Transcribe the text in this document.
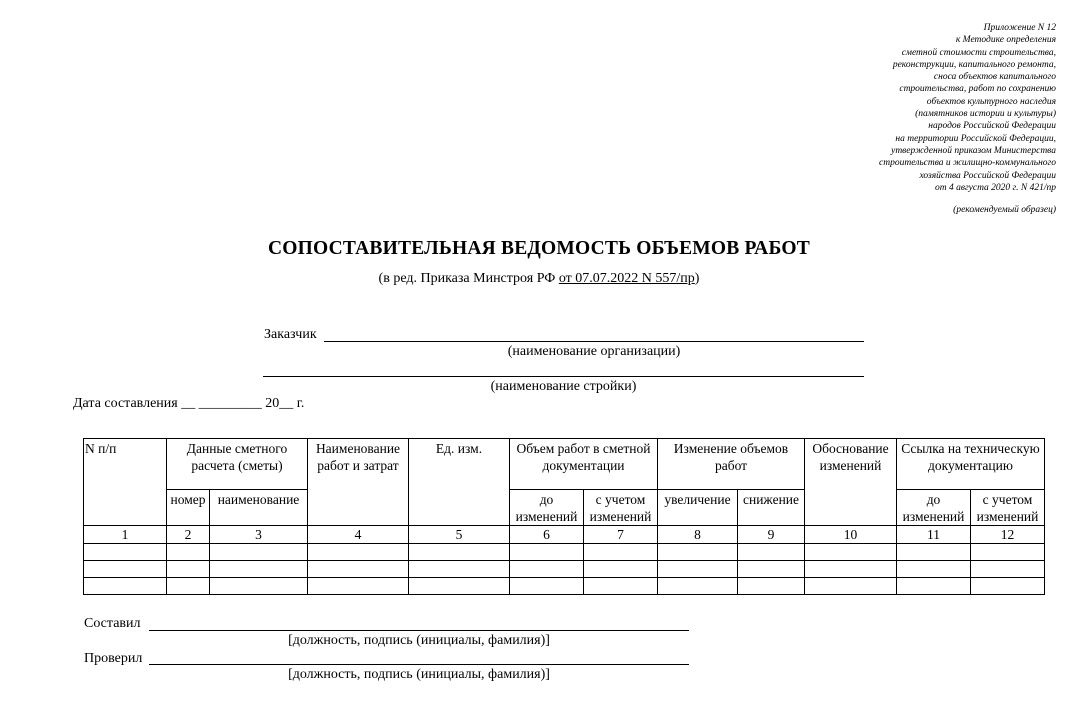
Приложение N 12
к Методике определения
сметной стоимости строительства,
реконструкции, капитального ремонта,
сноса объектов капитального
строительства, работ по сохранению
объектов культурного наследия
(памятников истории и культуры)
народов Российской Федерации
на территории Российской Федерации,
утвержденной приказом Министерства
строительства и жилищно-коммунального
хозяйства Российской Федерации
от 4 августа 2020 г. N 421/пр
(рекомендуемый образец)
СОПОСТАВИТЕЛЬНАЯ ВЕДОМОСТЬ ОБЪЕМОВ РАБОТ
(в ред. Приказа Минстроя РФ от 07.07.2022 N 557/пр)
Заказчик
(наименование организации)
(наименование стройки)
Дата составления __ _________ 20__ г.
N п/п	Данные сметного расчета (сметы)		Наименование работ и затрат	Ед. изм.	Объем работ в сметной документации		Изменение объемов работ		Обоснование изменений	Ссылка на техническую документацию	
	номер	наименование			до изменений	с учетом изменений	увеличение	снижение		до изменений	с учетом изменений
1	2	3	4	5	6	7	8	9	10	11	12

Составил
[должность, подпись (инициалы, фамилия)]
Проверил
[должность, подпись (инициалы, фамилия)]
